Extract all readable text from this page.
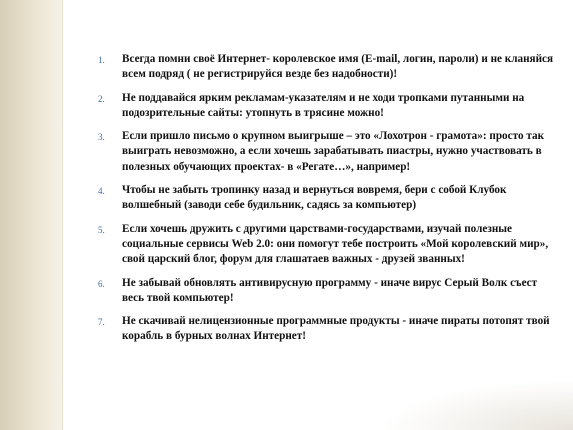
1. Всегда помни своё Интернет- королевское имя (E-mail, логин, пароли) и не кланяйся всем подряд ( не регистрируйся везде без надобности)!
2. Не поддавайся ярким рекламам-указателям и не ходи тропками путанными на подозрительные сайты: утопнуть в трясине можно!
3. Если пришло письмо о крупном выигрыше – это «Лохотрон - грамота»: просто так выиграть невозможно, а если хочешь зарабатывать пиастры, нужно участвовать в полезных обучающих проектах- в «Регате…», например!
4. Чтобы не забыть тропинку назад и вернуться вовремя, бери с собой Клубок волшебный (заводи себе будильник, садясь за компьютер)
5. Если хочешь дружить с другими царствами-государствами, изучай полезные социальные сервисы Web 2.0: они помогут тебе построить «Мой королевский мир», свой царский блог, форум для глашатаев важных - друзей званных!
6. Не забывай обновлять антивирусную программу - иначе вирус Серый Волк съест весь твой компьютер!
7. Не скачивай нелицензионные программные продукты - иначе пираты потопят твой корабль в бурных волнах Интернет!
